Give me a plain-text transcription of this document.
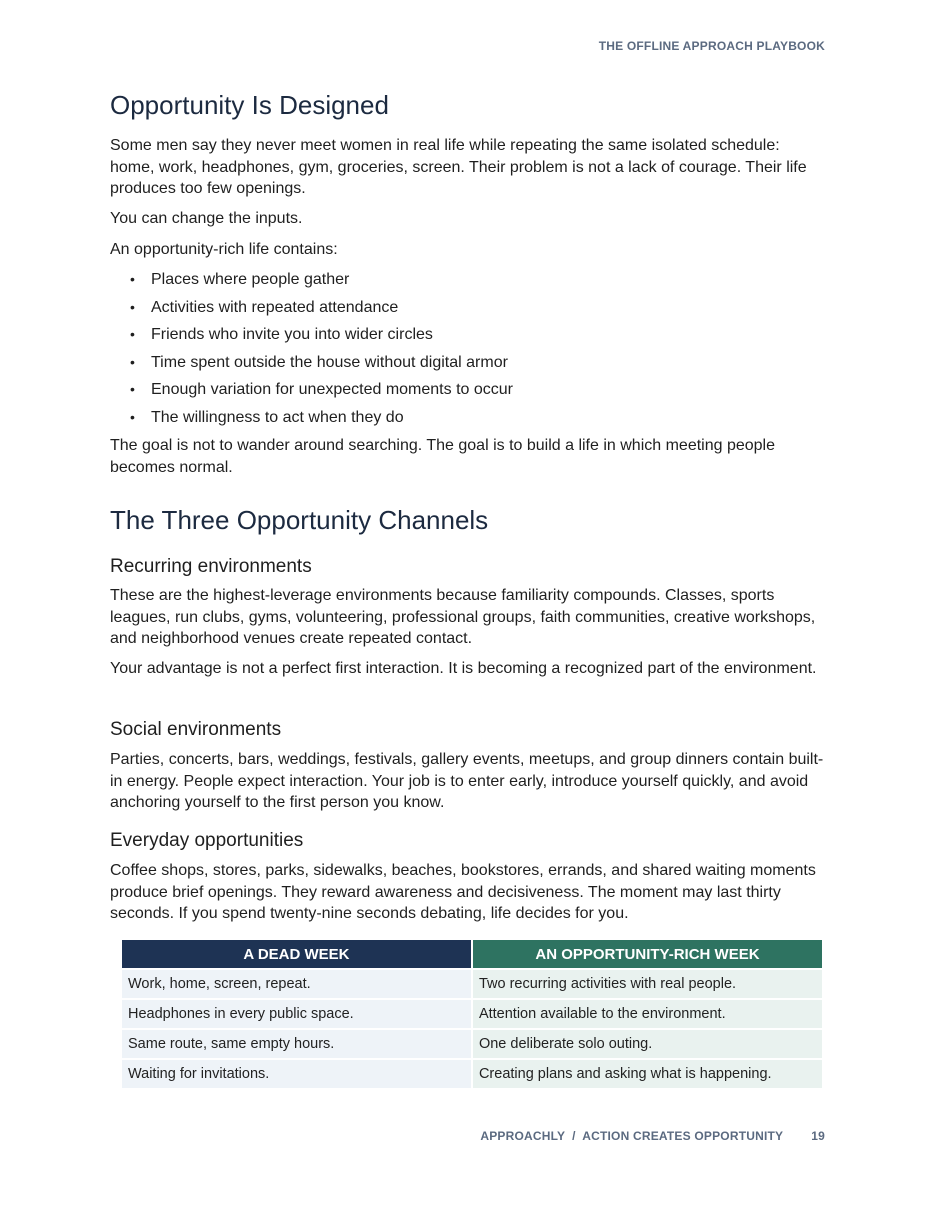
THE OFFLINE APPROACH PLAYBOOK
Opportunity Is Designed

Some men say they never meet women in real life while repeating the same isolated schedule: home, work, headphones, gym, groceries, screen. Their problem is not a lack of courage. Their life produces too few openings.

You can change the inputs.

An opportunity-rich life contains:

• Places where people gather
• Activities with repeated attendance
• Friends who invite you into wider circles
• Time spent outside the house without digital armor
• Enough variation for unexpected moments to occur
• The willingness to act when they do

The goal is not to wander around searching. The goal is to build a life in which meeting people becomes normal.

The Three Opportunity Channels
Recurring environments

These are the highest-leverage environments because familiarity compounds. Classes, sports leagues, run clubs, gyms, volunteering, professional groups, faith communities, creative workshops, and neighborhood venues create repeated contact.

Your advantage is not a perfect first interaction. It is becoming a recognized part of the environment.

Social environments

Parties, concerts, bars, weddings, festivals, gallery events, meetups, and group dinners contain built-in energy. People expect interaction. Your job is to enter early, introduce yourself quickly, and avoid anchoring yourself to the first person you know.

Everyday opportunities

Coffee shops, stores, parks, sidewalks, beaches, bookstores, errands, and shared waiting moments produce brief openings. They reward awareness and decisiveness. The moment may last thirty seconds. If you spend twenty-nine seconds debating, life decides for you.

A DEAD WEEK	AN OPPORTUNITY-RICH WEEK
Work, home, screen, repeat.	Two recurring activities with real people.
Headphones in every public space.	Attention available to the environment.
Same route, same empty hours.	One deliberate solo outing.
Waiting for invitations.	Creating plans and asking what is happening.
APPROACHLY  /  ACTION CREATES OPPORTUNITY 19
